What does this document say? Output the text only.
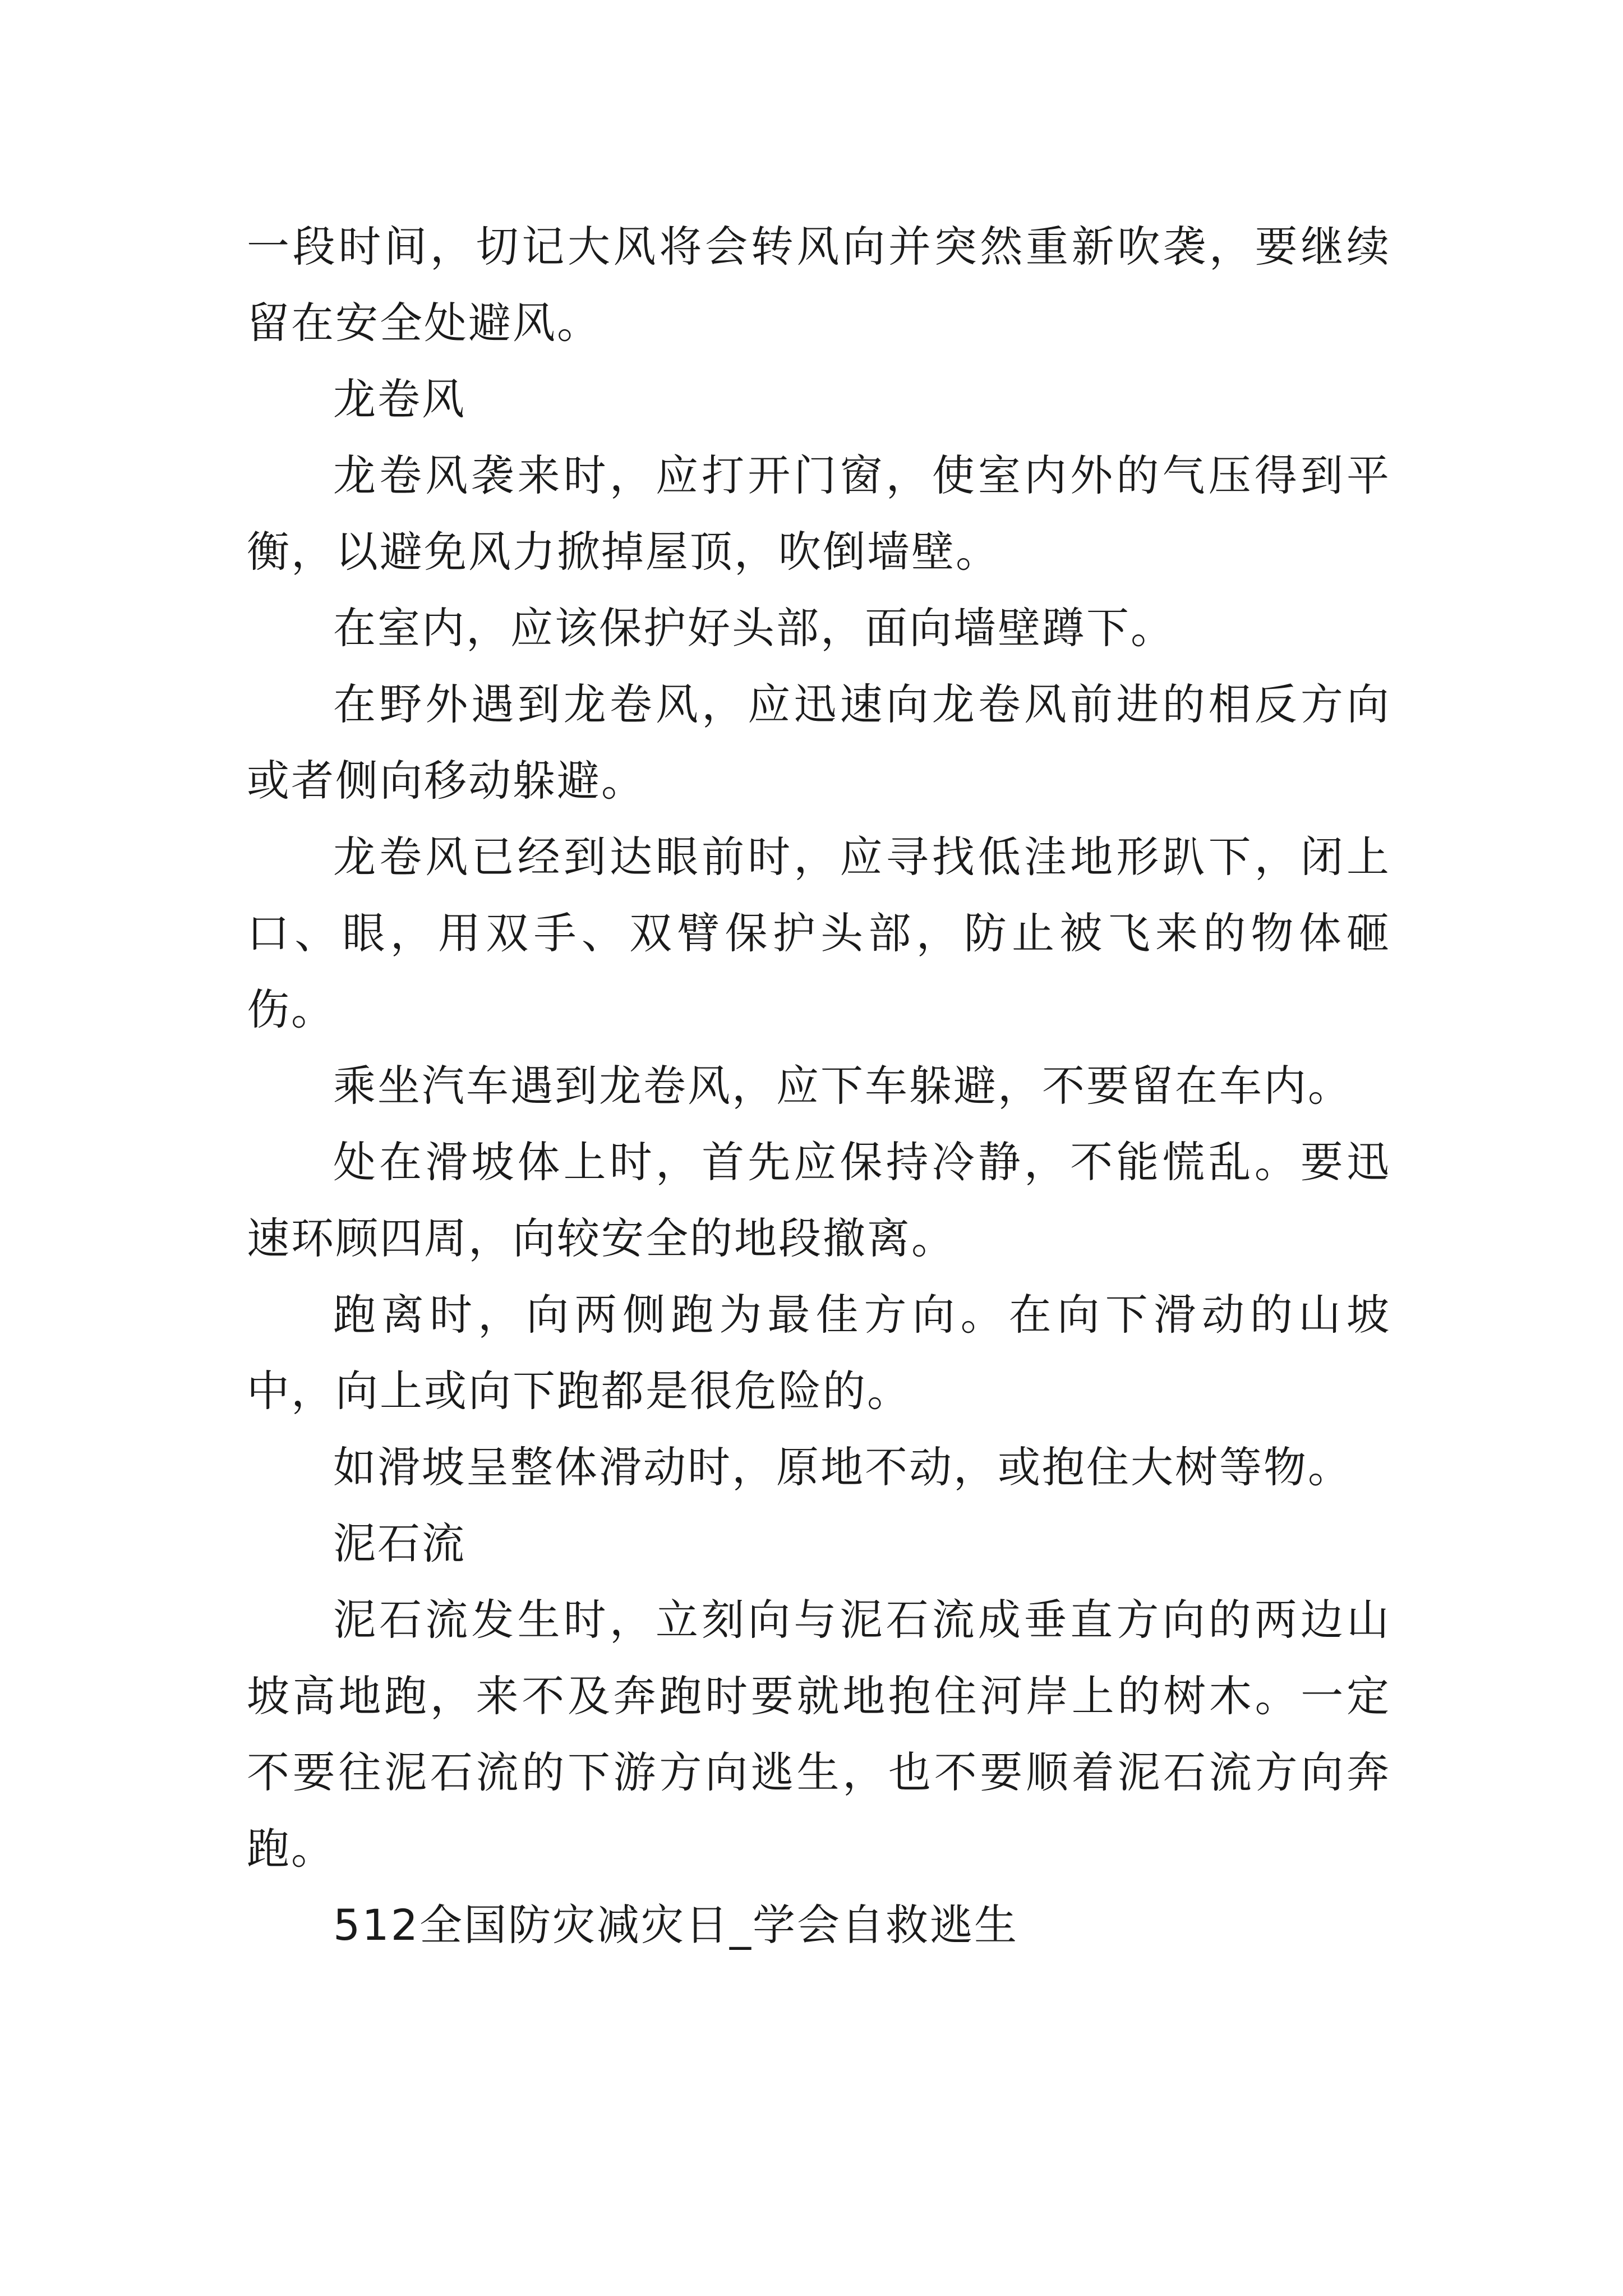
一段时间，切记大风将会转风向并突然重新吹袭，要继续留在安全处避风。

龙卷风

龙卷风袭来时，应打开门窗，使室内外的气压得到平衡，以避免风力掀掉屋顶，吹倒墙壁。

在室内，应该保护好头部，面向墙壁蹲下。

在野外遇到龙卷风，应迅速向龙卷风前进的相反方向或者侧向移动躲避。

龙卷风已经到达眼前时，应寻找低洼地形趴下，闭上口、眼，用双手、双臂保护头部，防止被飞来的物体砸伤。

乘坐汽车遇到龙卷风，应下车躲避，不要留在车内。

处在滑坡体上时，首先应保持冷静，不能慌乱。要迅速环顾四周，向较安全的地段撤离。

跑离时，向两侧跑为最佳方向。在向下滑动的山坡中，向上或向下跑都是很危险的。

如滑坡呈整体滑动时，原地不动，或抱住大树等物。

泥石流

泥石流发生时，立刻向与泥石流成垂直方向的两边山坡高地跑，来不及奔跑时要就地抱住河岸上的树木。一定不要往泥石流的下游方向逃生，也不要顺着泥石流方向奔跑。

512全国防灾减灾日_学会自救逃生
